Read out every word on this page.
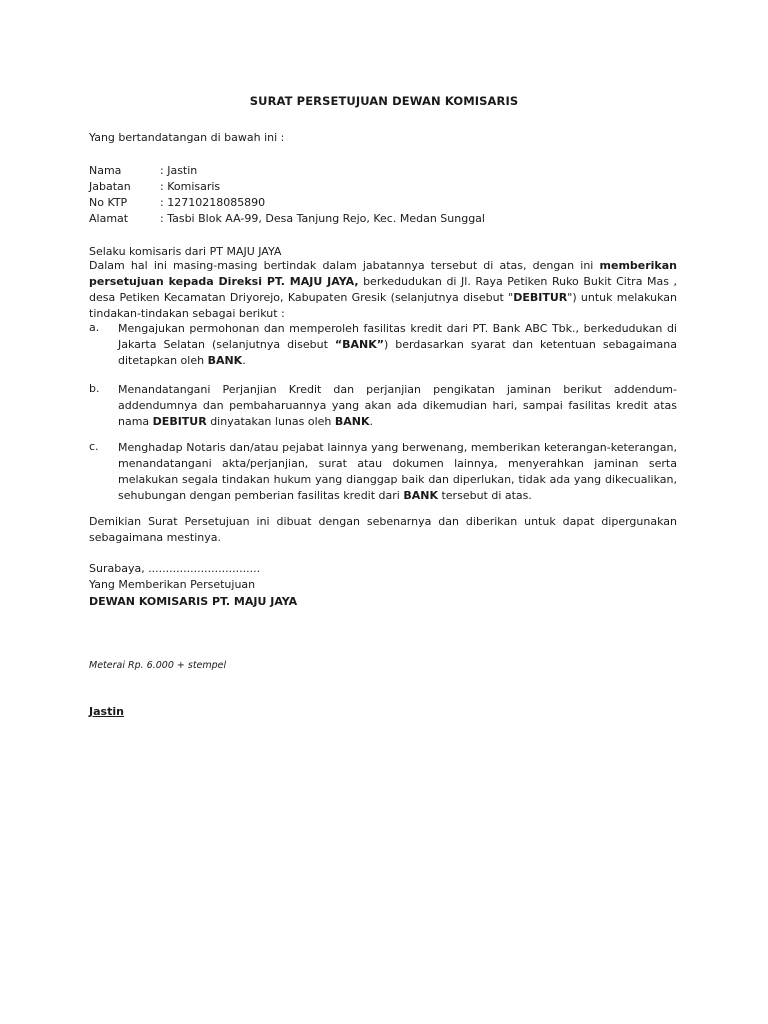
SURAT PERSETUJUAN DEWAN KOMISARIS
Yang bertandatangan di bawah ini :
Nama	: Jastin
Jabatan	: Komisaris
No KTP	: 12710218085890
Alamat	: Tasbi Blok AA-99, Desa Tanjung Rejo, Kec. Medan Sunggal
Selaku komisaris dari PT MAJU JAYA
Dalam hal ini masing-masing bertindak dalam jabatannya tersebut di atas, dengan ini memberikan persetujuan kepada Direksi PT. MAJU JAYA, berkedudukan di Jl. Raya Petiken Ruko Bukit Citra Mas , desa Petiken Kecamatan Driyorejo, Kabupaten Gresik (selanjutnya disebut "DEBITUR") untuk melakukan tindakan-tindakan sebagai berikut :
a. Mengajukan permohonan dan memperoleh fasilitas kredit dari PT. Bank ABC Tbk., berkedudukan di Jakarta Selatan (selanjutnya disebut “BANK”) berdasarkan syarat dan ketentuan sebagaimana ditetapkan oleh BANK.
b. Menandatangani Perjanjian Kredit dan perjanjian pengikatan jaminan berikut addendum-addendumnya dan pembaharuannya yang akan ada dikemudian hari, sampai fasilitas kredit atas nama DEBITUR dinyatakan lunas oleh BANK.
c. Menghadap Notaris dan/atau pejabat lainnya yang berwenang, memberikan keterangan-keterangan, menandatangani akta/perjanjian, surat atau dokumen lainnya, menyerahkan jaminan serta melakukan segala tindakan hukum yang dianggap baik dan diperlukan, tidak ada yang dikecualikan, sehubungan dengan pemberian fasilitas kredit dari BANK tersebut di atas.
Demikian Surat Persetujuan ini dibuat dengan sebenarnya dan diberikan untuk dapat dipergunakan sebagaimana mestinya.
Surabaya, ................................
Yang Memberikan Persetujuan
DEWAN KOMISARIS PT. MAJU JAYA
Meterai Rp. 6.000 + stempel
Jastin
